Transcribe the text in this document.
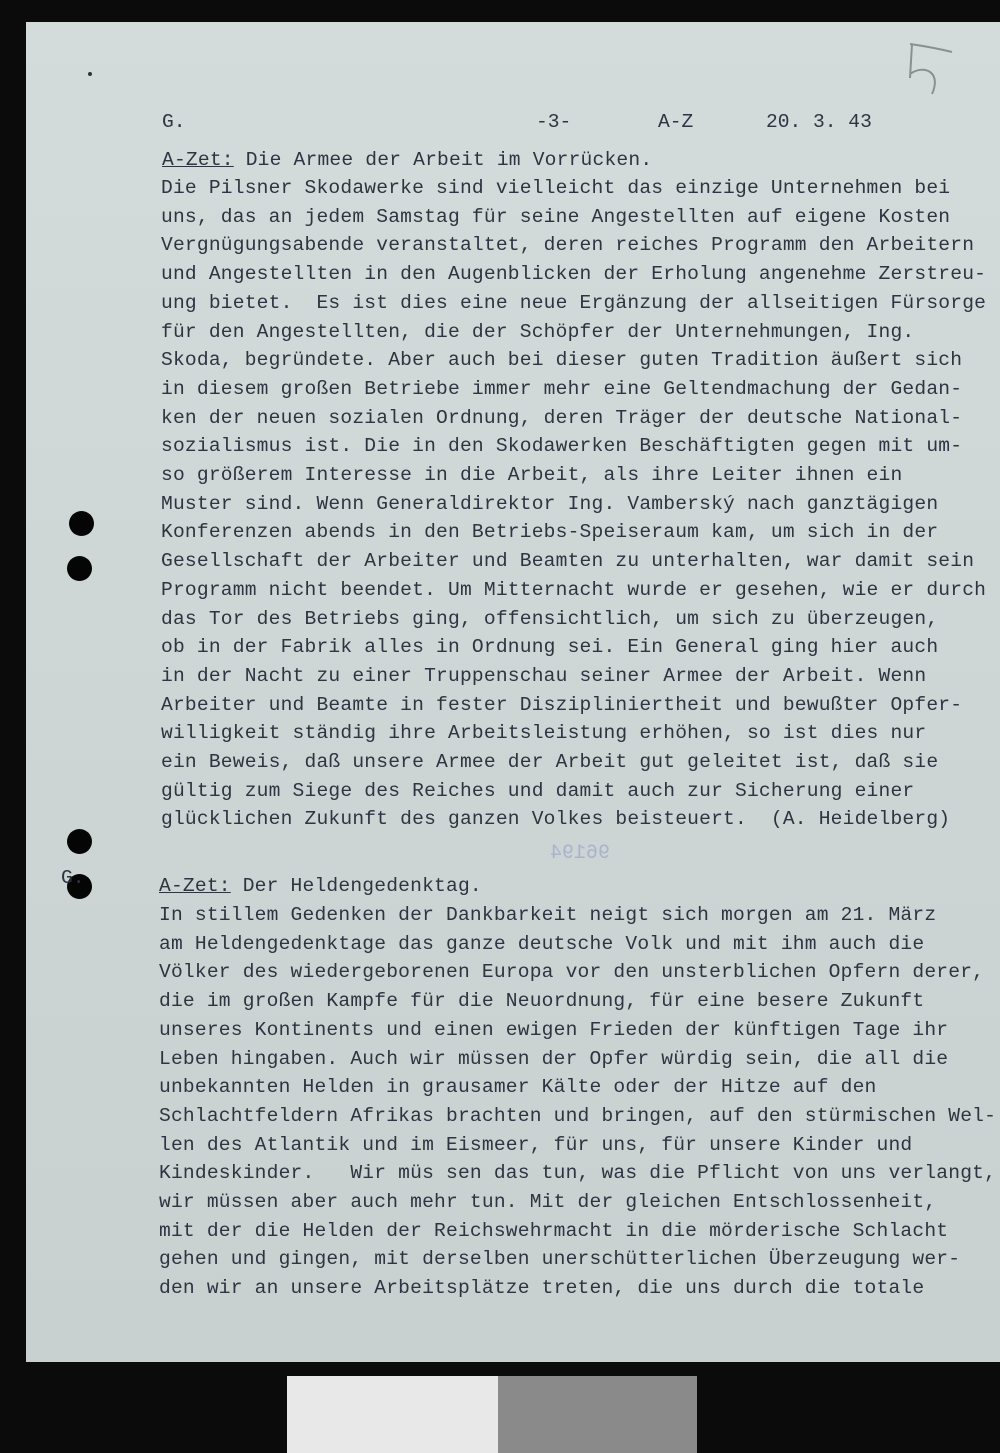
96194
G.	-3-	A-Z	20. 3. 43
A-Zet: Die Armee der Arbeit im Vorrücken.
Die Pilsner Skodawerke sind vielleicht das einzige Unternehmen bei
uns, das an jedem Samstag für seine Angestellten auf eigene Kosten
Vergnügungsabende veranstaltet, deren reiches Programm den Arbeitern
und Angestellten in den Augenblicken der Erholung angenehme Zerstreu-
ung bietet.  Es ist dies eine neue Ergänzung der allseitigen Fürsorge
für den Angestellten, die der Schöpfer der Unternehmungen, Ing.
Skoda, begründete. Aber auch bei dieser guten Tradition äußert sich
in diesem großen Betriebe immer mehr eine Geltendmachung der Gedan-
ken der neuen sozialen Ordnung, deren Träger der deutsche National-
sozialismus ist. Die in den Skodawerken Beschäftigten gegen mit um-
so größerem Interesse in die Arbeit, als ihre Leiter ihnen ein
Muster sind. Wenn Generaldirektor Ing. Vamberský nach ganztägigen
Konferenzen abends in den Betriebs-Speiseraum kam, um sich in der
Gesellschaft der Arbeiter und Beamten zu unterhalten, war damit sein
Programm nicht beendet. Um Mitternacht wurde er gesehen, wie er durch
das Tor des Betriebs ging, offensichtlich, um sich zu überzeugen,
ob in der Fabrik alles in Ordnung sei. Ein General ging hier auch
in der Nacht zu einer Truppenschau seiner Armee der Arbeit. Wenn
Arbeiter und Beamte in fester Diszipliniertheit und bewußter Opfer-
willigkeit ständig ihre Arbeitsleistung erhöhen, so ist dies nur
ein Beweis, daß unsere Armee der Arbeit gut geleitet ist, daß sie
gültig zum Siege des Reiches und damit auch zur Sicherung einer
glücklichen Zukunft des ganzen Volkes beisteuert.  (A. Heidelberg)
G.	A-Zet: Der Heldengedenktag.
In stillem Gedenken der Dankbarkeit neigt sich morgen am 21. März
am Heldengedenktage das ganze deutsche Volk und mit ihm auch die
Völker des wiedergeborenen Europa vor den unsterblichen Opfern derer,
die im großen Kampfe für die Neuordnung, für eine besere Zukunft
unseres Kontinents und einen ewigen Frieden der künftigen Tage ihr
Leben hingaben. Auch wir müssen der Opfer würdig sein, die all die
unbekannten Helden in grausamer Kälte oder der Hitze auf den
Schlachtfeldern Afrikas brachten und bringen, auf den stürmischen Wel-
len des Atlantik und im Eismeer, für uns, für unsere Kinder und
Kindeskinder.   Wir müs sen das tun, was die Pflicht von uns verlangt,
wir müssen aber auch mehr tun. Mit der gleichen Entschlossenheit,
mit der die Helden der Reichswehrmacht in die mörderische Schlacht
gehen und gingen, mit derselben unerschütterlichen Überzeugung wer-
den wir an unsere Arbeitsplätze treten, die uns durch die totale
